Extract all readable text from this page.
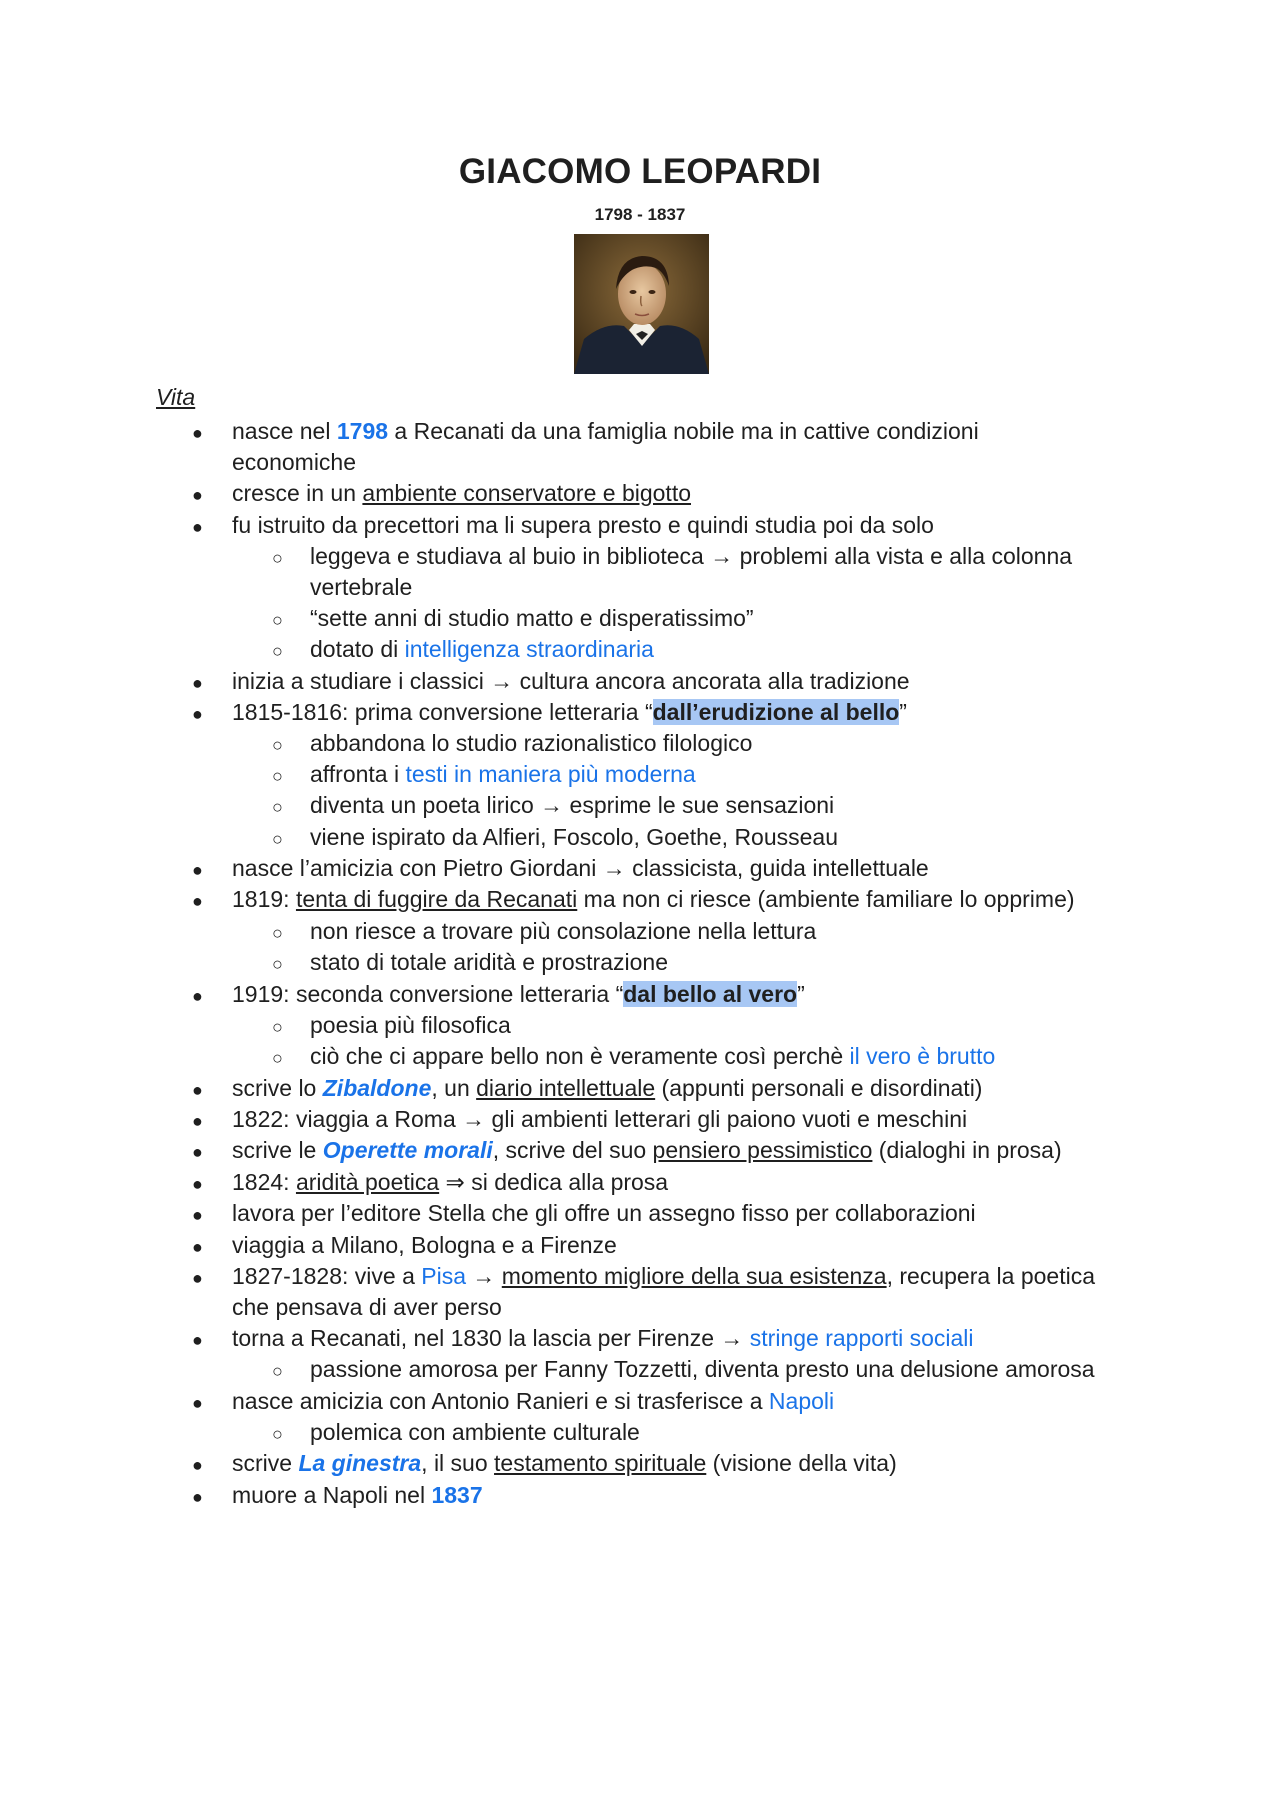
GIACOMO LEOPARDI
1798 - 1837
Vita
● nasce nel 1798 a Recanati da una famiglia nobile ma in cattive condizioni
economiche
● cresce in un ambiente conservatore e bigotto
● fu istruito da precettori ma li supera presto e quindi studia poi da solo
○ leggeva e studiava al buio in biblioteca → problemi alla vista e alla colonna
vertebrale
○ “sette anni di studio matto e disperatissimo”
○ dotato di intelligenza straordinaria
● inizia a studiare i classici → cultura ancora ancorata alla tradizione
● 1815-1816: prima conversione letteraria “dall’erudizione al bello”
○ abbandona lo studio razionalistico filologico
○ affronta i testi in maniera più moderna
○ diventa un poeta lirico → esprime le sue sensazioni
○ viene ispirato da Alfieri, Foscolo, Goethe, Rousseau
● nasce l’amicizia con Pietro Giordani → classicista, guida intellettuale
● 1819: tenta di fuggire da Recanati ma non ci riesce (ambiente familiare lo opprime)
○ non riesce a trovare più consolazione nella lettura
○ stato di totale aridità e prostrazione
● 1919: seconda conversione letteraria “dal bello al vero”
○ poesia più filosofica
○ ciò che ci appare bello non è veramente così perchè il vero è brutto
● scrive lo Zibaldone, un diario intellettuale (appunti personali e disordinati)
● 1822: viaggia a Roma → gli ambienti letterari gli paiono vuoti e meschini
● scrive le Operette morali, scrive del suo pensiero pessimistico (dialoghi in prosa)
● 1824: aridità poetica ⇒ si dedica alla prosa
● lavora per l’editore Stella che gli offre un assegno fisso per collaborazioni
● viaggia a Milano, Bologna e a Firenze
● 1827-1828: vive a Pisa → momento migliore della sua esistenza, recupera la poetica
che pensava di aver perso
● torna a Recanati, nel 1830 la lascia per Firenze → stringe rapporti sociali
○ passione amorosa per Fanny Tozzetti, diventa presto una delusione amorosa
● nasce amicizia con Antonio Ranieri e si trasferisce a Napoli
○ polemica con ambiente culturale
● scrive La ginestra, il suo testamento spirituale (visione della vita)
● muore a Napoli nel 1837
